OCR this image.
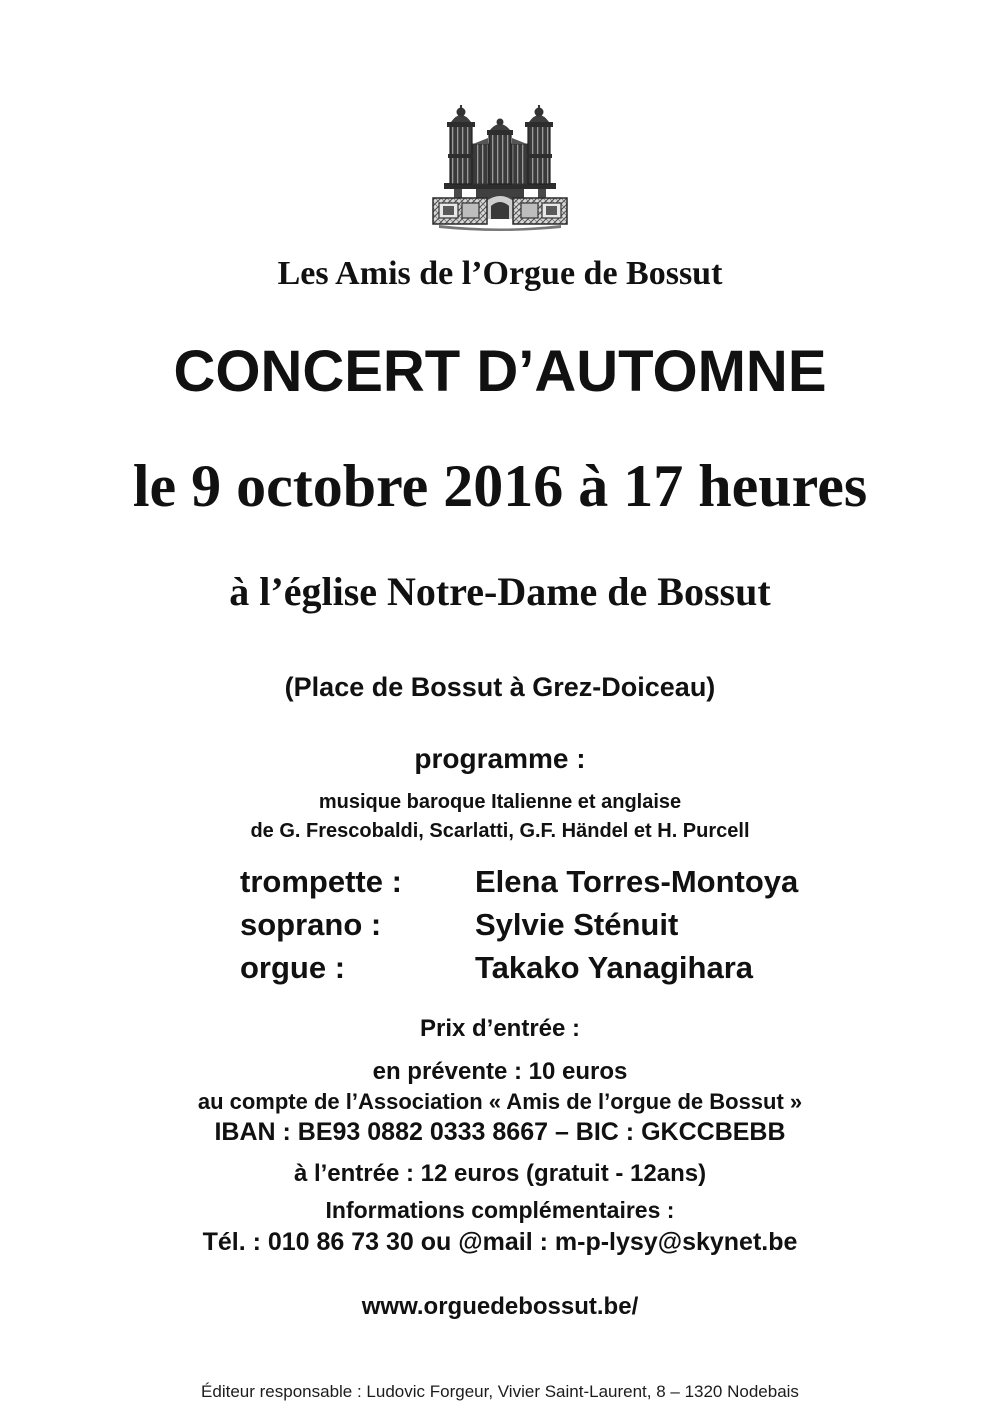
Les Amis de l’Orgue de Bossut
CONCERT D’AUTOMNE
le 9 octobre 2016 à 17 heures
à l’église Notre-Dame de Bossut
(Place de Bossut à Grez-Doiceau)
programme :
musique baroque Italienne et anglaise
de G. Frescobaldi, Scarlatti, G.F. Händel et H. Purcell
trompette : Elena Torres-Montoya
soprano :	Sylvie Sténuit
orgue :	Takako Yanagihara
Prix d’entrée :
en prévente : 10 euros
au compte de l’Association « Amis de l’orgue de Bossut »
IBAN : BE93 0882 0333 8667 – BIC : GKCCBEBB
à l’entrée : 12 euros (gratuit - 12ans)
Informations complémentaires :
Tél. : 010 86 73 30 ou @mail : m-p-lysy@skynet.be
www.orguedebossut.be/
Éditeur responsable : Ludovic Forgeur, Vivier Saint-Laurent, 8 – 1320 Nodebais
